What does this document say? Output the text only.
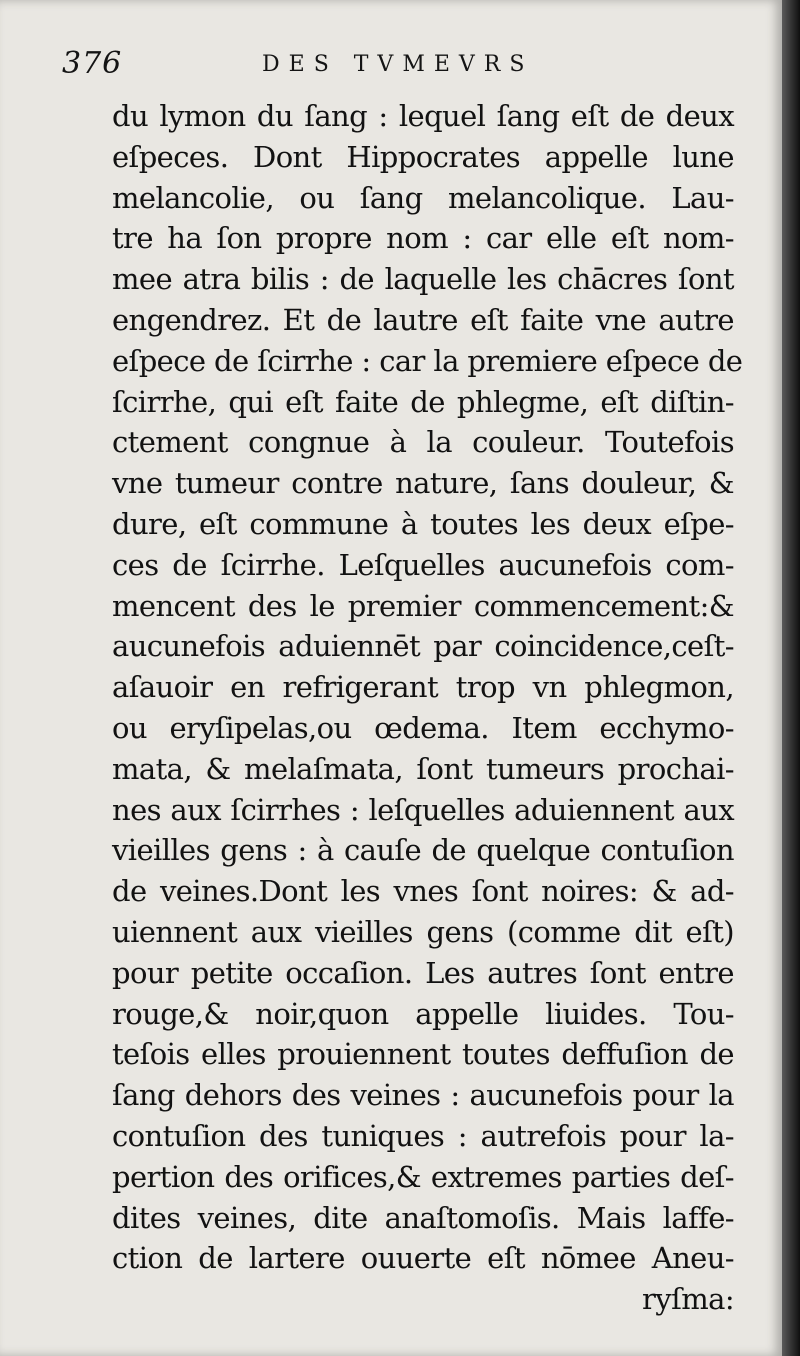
376	DES TVMEVRS
du lymon du ſang : lequel ſang eſt de deux
eſpeces. Dont Hippocrates appelle lune
melancolie, ou ſang melancolique. Lau-
tre ha ſon propre nom : car elle eſt nom-
mee atra bilis : de laquelle les chācres ſont
engendrez. Et de lautre eſt faite vne autre
eſpece de ſcirrhe : car la premiere eſpece de
ſcirrhe, qui eſt faite de phlegme, eſt diſtin-
ctement congnue à la couleur. Toutefois
vne tumeur contre nature, ſans douleur, &
dure, eſt commune à toutes les deux eſpe-
ces de ſcirrhe. Leſquelles aucunefois com-
mencent des le premier commencement:&
aucunefois aduiennēt par coincidence,ceſt-
aſauoir en refrigerant trop vn phlegmon,
ou eryſipelas,ou œdema. Item ecchymo-
mata, & melaſmata, ſont tumeurs prochai-
nes aux ſcirrhes : leſquelles aduiennent aux
vieilles gens : à cauſe de quelque contuſion
de veines.Dont les vnes ſont noires: & ad-
uiennent aux vieilles gens (comme dit eſt)
pour petite occaſion. Les autres ſont entre
rouge,& noir,quon appelle liuides. Tou-
teſois elles prouiennent toutes deffuſion de
ſang dehors des veines : aucunefois pour la
contuſion des tuniques : autrefois pour la-
pertion des orifices,& extremes parties deſ-
dites veines, dite anaſtomoſis. Mais laffe-
ction de lartere ouuerte eſt nōmee Aneu-
ryſma:
